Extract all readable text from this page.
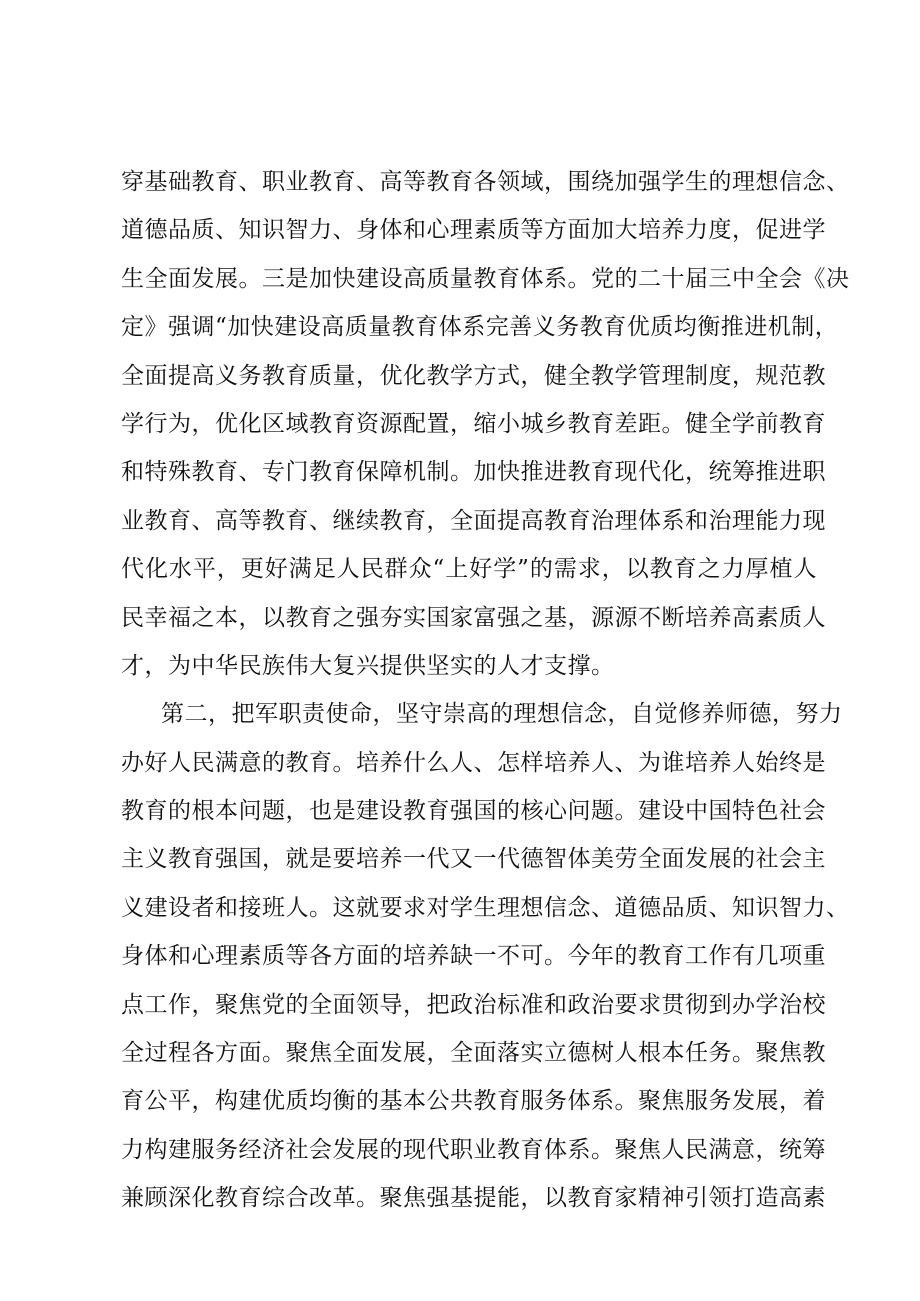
穿基础教育、职业教育、高等教育各领域，围绕加强学生的理想信念、
道德品质、知识智力、身体和心理素质等方面加大培养力度，促进学
生全面发展。三是加快建设高质量教育体系。党的二十届三中全会《决
定》强调“加快建设高质量教育体系完善义务教育优质均衡推进机制，
全面提高义务教育质量，优化教学方式，健全教学管理制度，规范教
学行为，优化区域教育资源配置，缩小城乡教育差距。健全学前教育
和特殊教育、专门教育保障机制。加快推进教育现代化，统筹推进职
业教育、高等教育、继续教育，全面提高教育治理体系和治理能力现
代化水平，更好满足人民群众“上好学”的需求，以教育之力厚植人
民幸福之本，以教育之强夯实国家富强之基，源源不断培养高素质人
才，为中华民族伟大复兴提供坚实的人才支撑。
第二，把军职责使命，坚守崇高的理想信念，自觉修养师德，努力
办好人民满意的教育。培养什么人、怎样培养人、为谁培养人始终是
教育的根本问题，也是建设教育强国的核心问题。建设中国特色社会
主义教育强国，就是要培养一代又一代德智体美劳全面发展的社会主
义建设者和接班人。这就要求对学生理想信念、道德品质、知识智力、
身体和心理素质等各方面的培养缺一不可。今年的教育工作有几项重
点工作，聚焦党的全面领导，把政治标准和政治要求贯彻到办学治校
全过程各方面。聚焦全面发展，全面落实立德树人根本任务。聚焦教
育公平，构建优质均衡的基本公共教育服务体系。聚焦服务发展，着
力构建服务经济社会发展的现代职业教育体系。聚焦人民满意，统筹
兼顾深化教育综合改革。聚焦强基提能，以教育家精神引领打造高素
